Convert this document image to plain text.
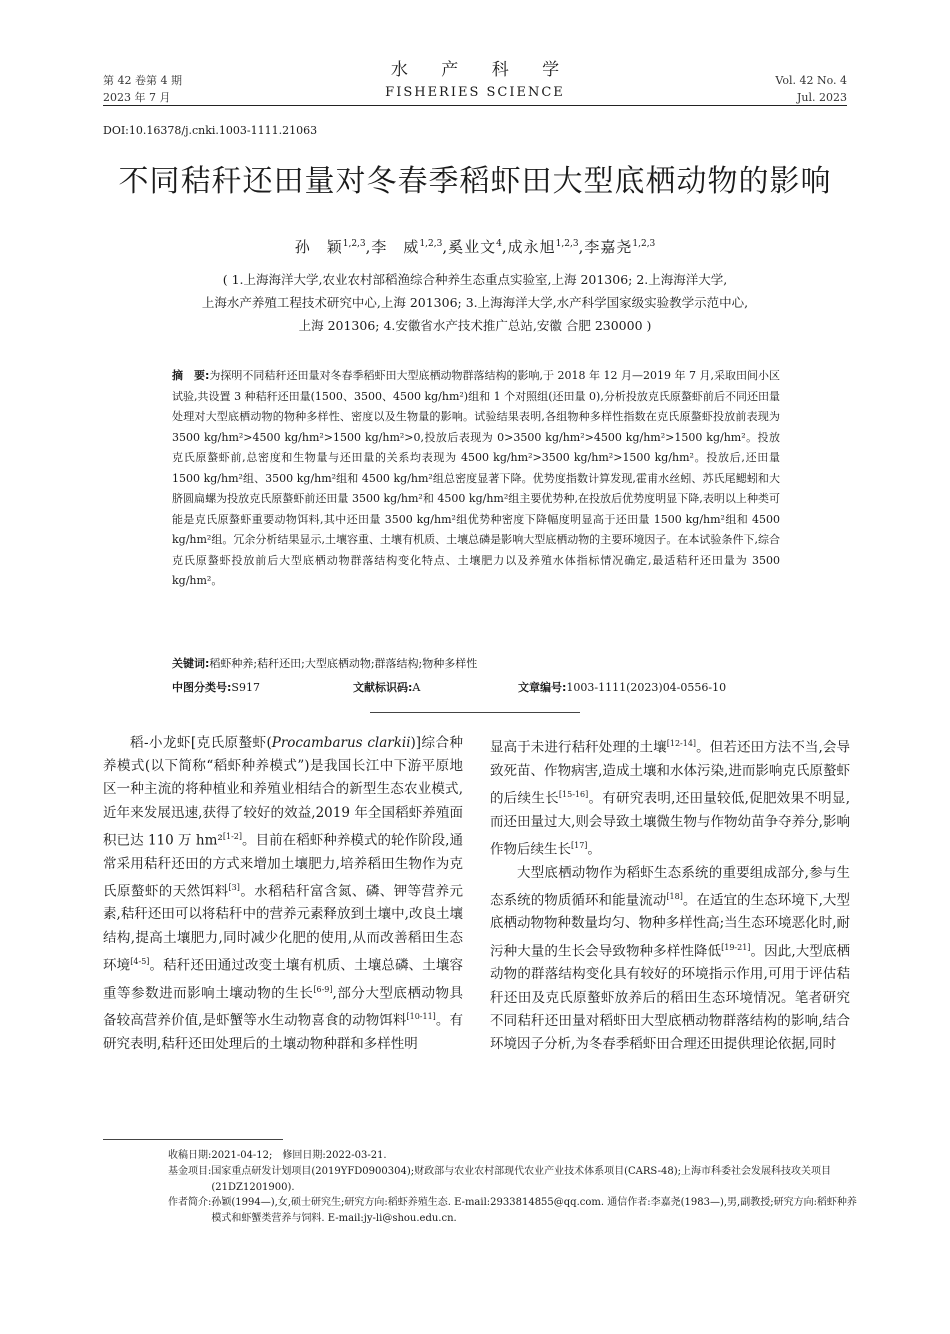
第 42 卷第 4 期
2023 年 7 月
水 产 科 学
FISHERIES SCIENCE
Vol. 42 No. 4
Jul. 2023
DOI:10.16378/j.cnki.1003-1111.21063
不同秸秆还田量对冬春季稻虾田大型底栖动物的影响
孙　颖$^{1,2,3}$,李　威$^{1,2,3}$,奚业文$^4$,成永旭$^{1,2,3}$,李嘉尧$^{1,2,3}$
( 1.上海海洋大学,农业农村部稻渔综合种养生态重点实验室,上海 201306; 2.上海海洋大学,
上海水产养殖工程技术研究中心,上海 201306; 3.上海海洋大学,水产科学国家级实验教学示范中心,
上海 201306; 4.安徽省水产技术推广总站,安徽 合肥 230000 )
摘　要:为探明不同秸秆还田量对冬春季稻虾田大型底栖动物群落结构的影响,于 2018 年 12 月—2019 年 7 月,采取田间小区试验,共设置 3 种秸秆还田量(1500、3500、4500 kg/hm²)组和 1 个对照组(还田量 0),分析投放克氏原螯虾前后不同还田量处理对大型底栖动物的物种多样性、密度以及生物量的影响。试验结果表明,各组物种多样性指数在克氏原螯虾投放前表现为 3500 kg/hm²>4500 kg/hm²>1500 kg/hm²>0,投放后表现为 0>3500 kg/hm²>4500 kg/hm²>1500 kg/hm²。投放克氏原螯虾前,总密度和生物量与还田量的关系均表现为 4500 kg/hm²>3500 kg/hm²>1500 kg/hm²。投放后,还田量 1500 kg/hm²组、3500 kg/hm²组和 4500 kg/hm²组总密度显著下降。优势度指数计算发现,霍甫水丝蚓、苏氏尾鳃蚓和大脐圆扁螺为投放克氏原螯虾前还田量 3500 kg/hm²和 4500 kg/hm²组主要优势种,在投放后优势度明显下降,表明以上种类可能是克氏原螯虾重要动物饵料,其中还田量 3500 kg/hm²组优势种密度下降幅度明显高于还田量 1500 kg/hm²组和 4500 kg/hm²组。冗余分析结果显示,土壤容重、土壤有机质、土壤总磷是影响大型底栖动物的主要环境因子。在本试验条件下,综合克氏原螯虾投放前后大型底栖动物群落结构变化特点、土壤肥力以及养殖水体指标情况确定,最适秸秆还田量为 3500 kg/hm²。
关键词:稻虾种养;秸秆还田;大型底栖动物;群落结构;物种多样性
中图分类号:S917	文献标识码:A	文章编号:1003-1111(2023)04-0556-10

稻-小龙虾[克氏原螯虾(Procambarus clarkii)]综合种养模式(以下简称“稻虾种养模式”)是我国长江中下游平原地区一种主流的将种植业和养殖业相结合的新型生态农业模式,近年来发展迅速,获得了较好的效益,2019 年全国稻虾养殖面积已达 110 万 hm²[1-2]。目前在稻虾种养模式的轮作阶段,通常采用秸秆还田的方式来增加土壤肥力,培养稻田生物作为克氏原螯虾的天然饵料[3]。水稻秸秆富含氮、磷、钾等营养元素,秸秆还田可以将秸秆中的营养元素释放到土壤中,改良土壤结构,提高土壤肥力,同时减少化肥的使用,从而改善稻田生态环境[4-5]。秸秆还田通过改变土壤有机质、土壤总磷、土壤容重等参数进而影响土壤动物的生长[6-9],部分大型底栖动物具备较高营养价值,是虾蟹等水生动物喜食的动物饵料[10-11]。有研究表明,秸秆还田处理后的土壤动物种群和多样性明

显高于未进行秸秆处理的土壤[12-14]。但若还田方法不当,会导致死苗、作物病害,造成土壤和水体污染,进而影响克氏原螯虾的后续生长[15-16]。有研究表明,还田量较低,促肥效果不明显,而还田量过大,则会导致土壤微生物与作物幼苗争夺养分,影响作物后续生长[17]。

大型底栖动物作为稻虾生态系统的重要组成部分,参与生态系统的物质循环和能量流动[18]。在适宜的生态环境下,大型底栖动物物种数量均匀、物种多样性高;当生态环境恶化时,耐污种大量的生长会导致物种多样性降低[19-21]。因此,大型底栖动物的群落结构变化具有较好的环境指示作用,可用于评估秸秆还田及克氏原螯虾放养后的稻田生态环境情况。笔者研究不同秸秆还田量对稻虾田大型底栖动物群落结构的影响,结合环境因子分析,为冬春季稻虾田合理还田提供理论依据,同时

收稿日期: 2021-04-12;　修回日期:2022-03-21.
基金项目: 国家重点研发计划项目(2019YFD0900304);财政部与农业农村部现代农业产业技术体系项目(CARS-48);上海市科委社会发展科技攻关项目(21DZ1201900).
作者简介: 孙颖(1994—),女,硕士研究生;研究方向:稻虾养殖生态. E-mail:2933814855@qq.com. 通信作者:李嘉尧(1983—),男,副教授;研究方向:稻虾种养模式和虾蟹类营养与饲料. E-mail:jy-li@shou.edu.cn.
